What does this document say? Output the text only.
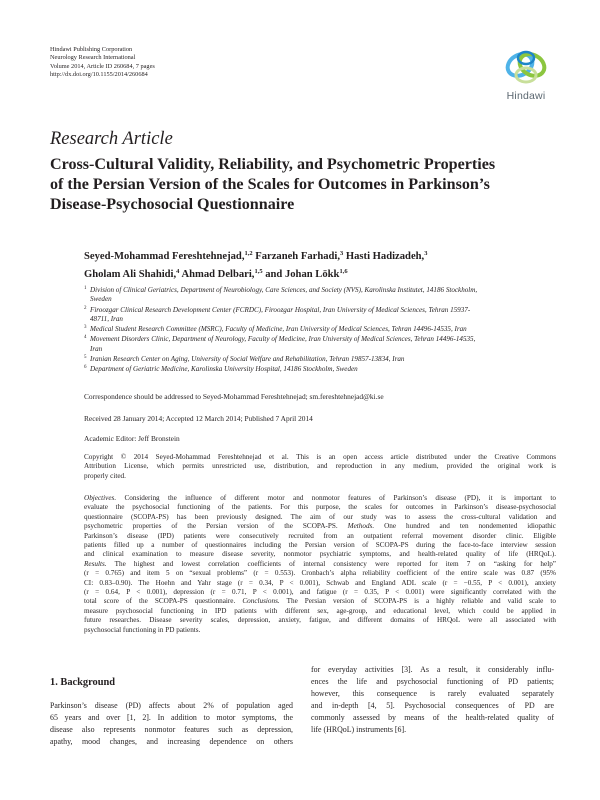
Hindawi Publishing Corporation
Neurology Research International
Volume 2014, Article ID 260684, 7 pages
http://dx.doi.org/10.1155/2014/260684
Hindawi
Research Article
Cross-Cultural Validity, Reliability, and Psychometric Properties
of the Persian Version of the Scales for Outcomes in Parkinson’s
Disease-Psychosocial Questionnaire
Seyed-Mohammad Fereshtehnejad,$^{1,2}$ Farzaneh Farhadi,$^3$ Hasti Hadizadeh,$^3$
Gholam Ali Shahidi,$^4$ Ahmad Delbari,$^{1,5}$ and Johan Lökk$^{1,6}$
1 Division of Clinical Geriatrics, Department of Neurobiology, Care Sciences, and Society (NVS), Karolinska Institutet, 14186 Stockholm,
Sweden
2 Firoozgar Clinical Research Development Center (FCRDC), Firoozgar Hospital, Iran University of Medical Sciences, Tehran 15937-
48711, Iran
3 Medical Student Research Committee (MSRC), Faculty of Medicine, Iran University of Medical Sciences, Tehran 14496-14535, Iran
4 Movement Disorders Clinic, Department of Neurology, Faculty of Medicine, Iran University of Medical Sciences, Tehran 14496-14535,
Iran
5 Iranian Research Center on Aging, University of Social Welfare and Rehabilitation, Tehran 19857-13834, Iran
6 Department of Geriatric Medicine, Karolinska University Hospital, 14186 Stockholm, Sweden
Correspondence should be addressed to Seyed-Mohammad Fereshtehnejad; sm.fereshtehnejad@ki.se
Received 28 January 2014; Accepted 12 March 2014; Published 7 April 2014
Academic Editor: Jeff Bronstein
Copyright © 2014 Seyed-Mohammad Fereshtehnejad et al. This is an open access article distributed under the Creative Commons
Attribution License, which permits unrestricted use, distribution, and reproduction in any medium, provided the original work is
properly cited.
Objectives. Considering the influence of different motor and nonmotor features of Parkinson’s disease (PD), it is important to
evaluate the psychosocial functioning of the patients. For this purpose, the scales for outcomes in Parkinson’s disease-psychosocial
questionnaire (SCOPA-PS) has been previously designed. The aim of our study was to assess the cross-cultural validation and
psychometric properties of the Persian version of the SCOPA-PS. Methods. One hundred and ten nondemented idiopathic
Parkinson’s disease (IPD) patients were consecutively recruited from an outpatient referral movement disorder clinic. Eligible
patients filled up a number of questionnaires including the Persian version of SCOPA-PS during the face-to-face interview session
and clinical examination to measure disease severity, nonmotor psychiatric symptoms, and health-related quality of life (HRQoL).
Results. The highest and lowest correlation coefficients of internal consistency were reported for item 7 on “asking for help”
(r = 0.765) and item 5 on “sexual problems” (r = 0.553). Cronbach’s alpha reliability coefficient of the entire scale was 0.87 (95%
CI: 0.83–0.90). The Hoehn and Yahr stage (r = 0.34, P < 0.001), Schwab and England ADL scale (r = −0.55, P < 0.001), anxiety
(r = 0.64, P < 0.001), depression (r = 0.71, P < 0.001), and fatigue (r = 0.35, P < 0.001) were significantly correlated with the
total score of the SCOPA-PS questionnaire. Conclusions. The Persian version of SCOPA-PS is a highly reliable and valid scale to
measure psychosocial functioning in IPD patients with different sex, age-group, and educational level, which could be applied in
future researches. Disease severity scales, depression, anxiety, fatigue, and different domains of HRQoL were all associated with
psychosocial functioning in PD patients.
1. Background
Parkinson’s disease (PD) affects about 2% of population aged
65 years and over [1, 2]. In addition to motor symptoms, the
disease also represents nonmotor features such as depression,
apathy, mood changes, and increasing dependence on others
for everyday activities [3]. As a result, it considerably influ-
ences the life and psychosocial functioning of PD patients;
however, this consequence is rarely evaluated separately
and in-depth [4, 5]. Psychosocial consequences of PD are
commonly assessed by means of the health-related quality of
life (HRQoL) instruments [6].
